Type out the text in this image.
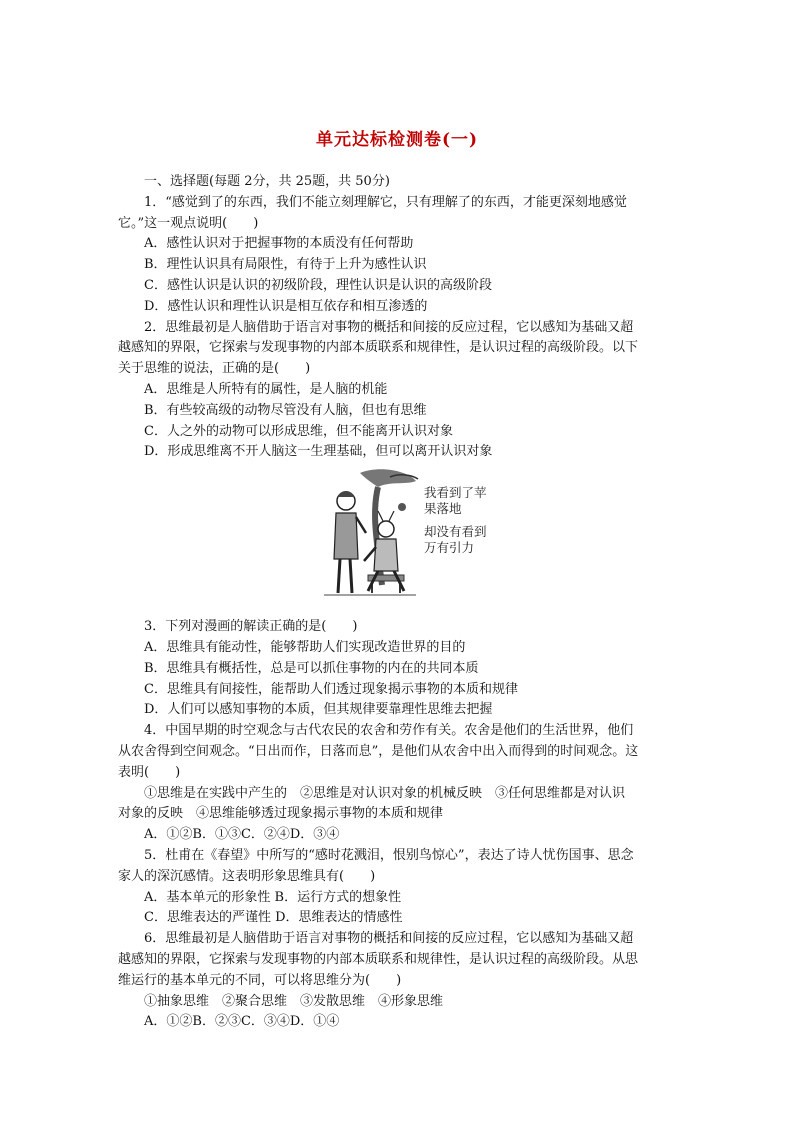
单元达标检测卷(一)
一、选择题(每题 2分，共 25题，共 50分)
1．“感觉到了的东西，我们不能立刻理解它，只有理解了的东西，才能更深刻地感觉
它。”这一观点说明(　　)
A．感性认识对于把握事物的本质没有任何帮助
B．理性认识具有局限性，有待于上升为感性认识
C．感性认识是认识的初级阶段，理性认识是认识的高级阶段
D．感性认识和理性认识是相互依存和相互渗透的
2．思维最初是人脑借助于语言对事物的概括和间接的反应过程，它以感知为基础又超
越感知的界限，它探索与发现事物的内部本质联系和规律性，是认识过程的高级阶段。以下
关于思维的说法，正确的是(　　)
A．思维是人所特有的属性，是人脑的机能
B．有些较高级的动物尽管没有人脑，但也有思维
C．人之外的动物可以形成思维，但不能离开认识对象
D．形成思维离不开人脑这一生理基础，但可以离开认识对象
我看到了苹
果落地
却没有看到
万有引力
3．下列对漫画的解读正确的是(　　)
A．思维具有能动性，能够帮助人们实现改造世界的目的
B．思维具有概括性，总是可以抓住事物的内在的共同本质
C．思维具有间接性，能帮助人们透过现象揭示事物的本质和规律
D．人们可以感知事物的本质，但其规律要靠理性思维去把握
4．中国早期的时空观念与古代农民的农舍和劳作有关。农舍是他们的生活世界，他们
从农舍得到空间观念。“日出而作，日落而息”，是他们从农舍中出入而得到的时间观念。这
表明(　　)
①思维是在实践中产生的　②思维是对认识对象的机械反映　③任何思维都是对认识
对象的反映　④思维能够透过现象揭示事物的本质和规律
A．①②B．①③C．②④D．③④
5．杜甫在《春望》中所写的“感时花溅泪，恨别鸟惊心”，表达了诗人忧伤国事、思念
家人的深沉感情。这表明形象思维具有(　　)
A．基本单元的形象性 B．运行方式的想象性
C．思维表达的严谨性 D．思维表达的情感性
6．思维最初是人脑借助于语言对事物的概括和间接的反应过程，它以感知为基础又超
越感知的界限，它探索与发现事物的内部本质联系和规律性，是认识过程的高级阶段。从思
维运行的基本单元的不同，可以将思维分为(　　)
①抽象思维　②聚合思维　③发散思维　④形象思维
A．①②B．②③C．③④D．①④
